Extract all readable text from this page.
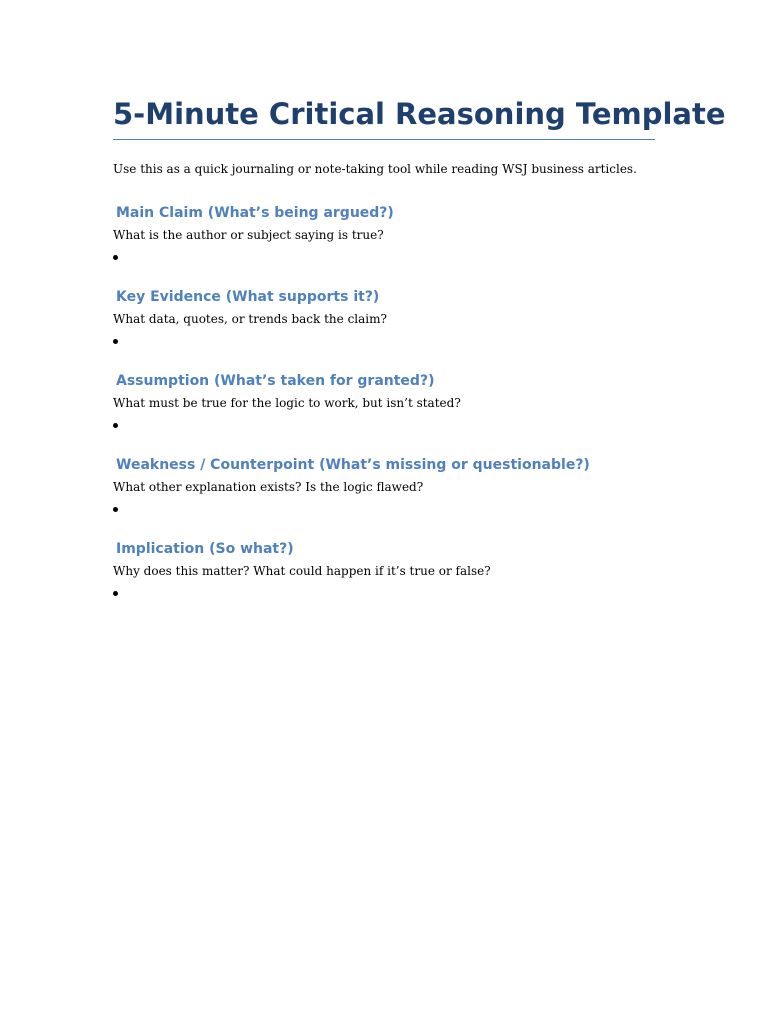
5-Minute Critical Reasoning Template

Use this as a quick journaling or note-taking tool while reading WSJ business articles.

Main Claim (What’s being argued?)

What is the author or subject saying is true?

Key Evidence (What supports it?)

What data, quotes, or trends back the claim?

Assumption (What’s taken for granted?)

What must be true for the logic to work, but isn’t stated?

Weakness / Counterpoint (What’s missing or questionable?)

What other explanation exists? Is the logic flawed?

Implication (So what?)

Why does this matter? What could happen if it’s true or false?
